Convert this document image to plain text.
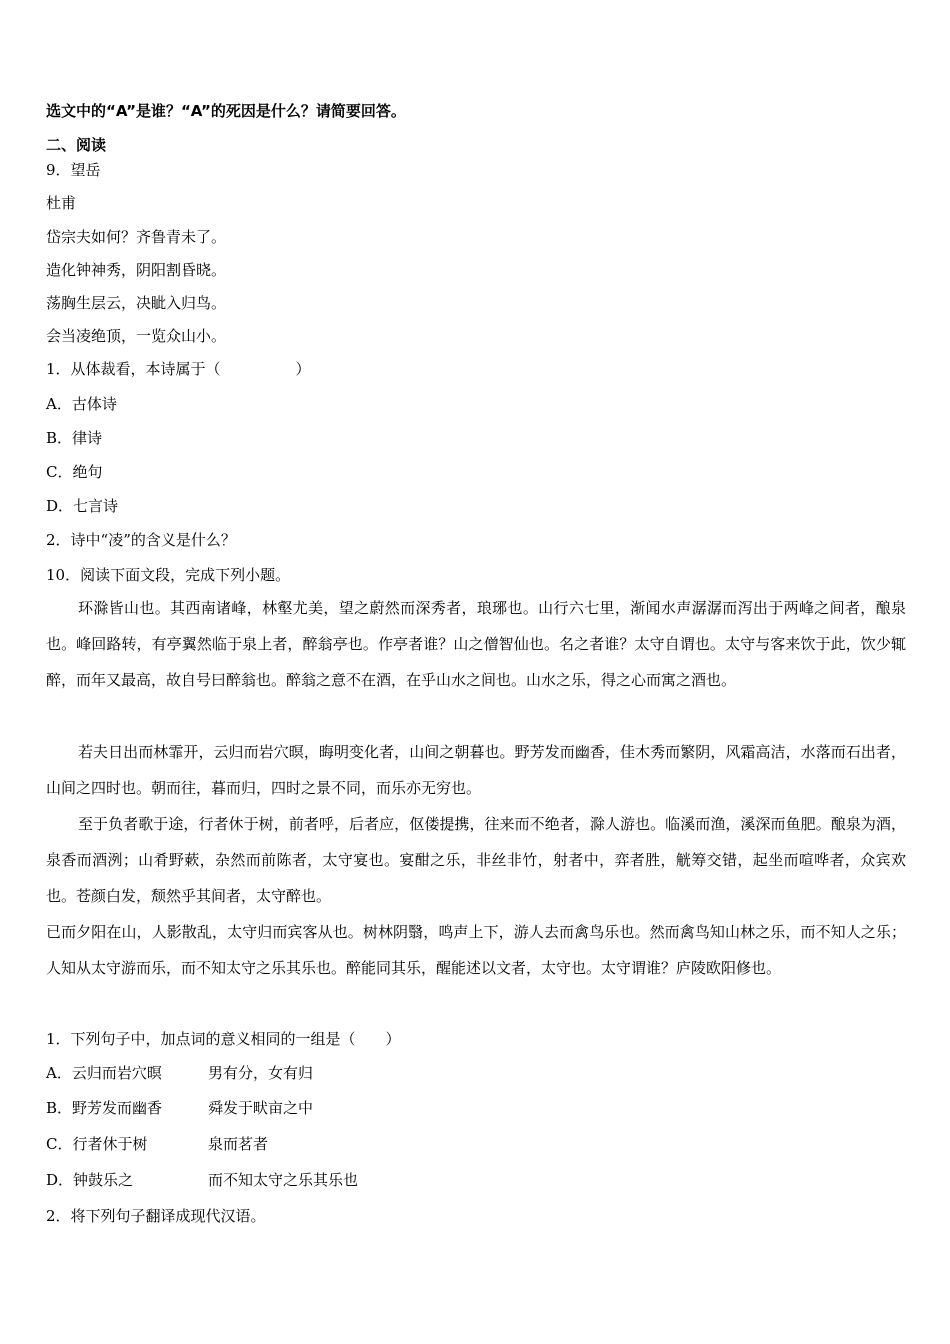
选文中的“A”是谁？“A”的死因是什么？请简要回答。
二、阅读
9．望岳
杜甫
岱宗夫如何？齐鲁青未了。
造化钟神秀，阴阳割昏晓。
荡胸生层云，决眦入归鸟。
会当凌绝顶，一览众山小。
1．从体裁看，本诗属于（　　　　　）
A．古体诗
B．律诗
C．绝句
D．七言诗
2．诗中“凌”的含义是什么？
10．阅读下面文段，完成下列小题。
环滁皆山也。其西南诸峰，林壑尤美，望之蔚然而深秀者，琅琊也。山行六七里，渐闻水声潺潺而泻出于两峰之间者，酿泉也。峰回路转，有亭翼然临于泉上者，醉翁亭也。作亭者谁？山之僧智仙也。名之者谁？太守自谓也。太守与客来饮于此，饮少辄醉，而年又最高，故自号曰醉翁也。醉翁之意不在酒，在乎山水之间也。山水之乐，得之心而寓之酒也。
若夫日出而林霏开，云归而岩穴暝，晦明变化者，山间之朝暮也。野芳发而幽香，佳木秀而繁阴，风霜高洁，水落而石出者，山间之四时也。朝而往，暮而归，四时之景不同，而乐亦无穷也。
至于负者歌于途，行者休于树，前者呼，后者应，伛偻提携，往来而不绝者，滁人游也。临溪而渔，溪深而鱼肥。酿泉为酒，泉香而酒洌；山肴野蔌，杂然而前陈者，太守宴也。宴酣之乐，非丝非竹，射者中，弈者胜，觥筹交错，起坐而喧哗者，众宾欢也。苍颜白发，颓然乎其间者，太守醉也。
已而夕阳在山，人影散乱，太守归而宾客从也。树林阴翳，鸣声上下，游人去而禽鸟乐也。然而禽鸟知山林之乐，而不知人之乐；人知从太守游而乐，而不知太守之乐其乐也。醉能同其乐，醒能述以文者，太守也。太守谓谁？庐陵欧阳修也。
1．下列句子中，加点词的意义相同的一组是（　　）
A．云归而岩穴暝	男有分，女有归
B．野芳发而幽香	舜发于畎亩之中
C．行者休于树	泉而茗者
D．钟鼓乐之	而不知太守之乐其乐也
2．将下列句子翻译成现代汉语。
